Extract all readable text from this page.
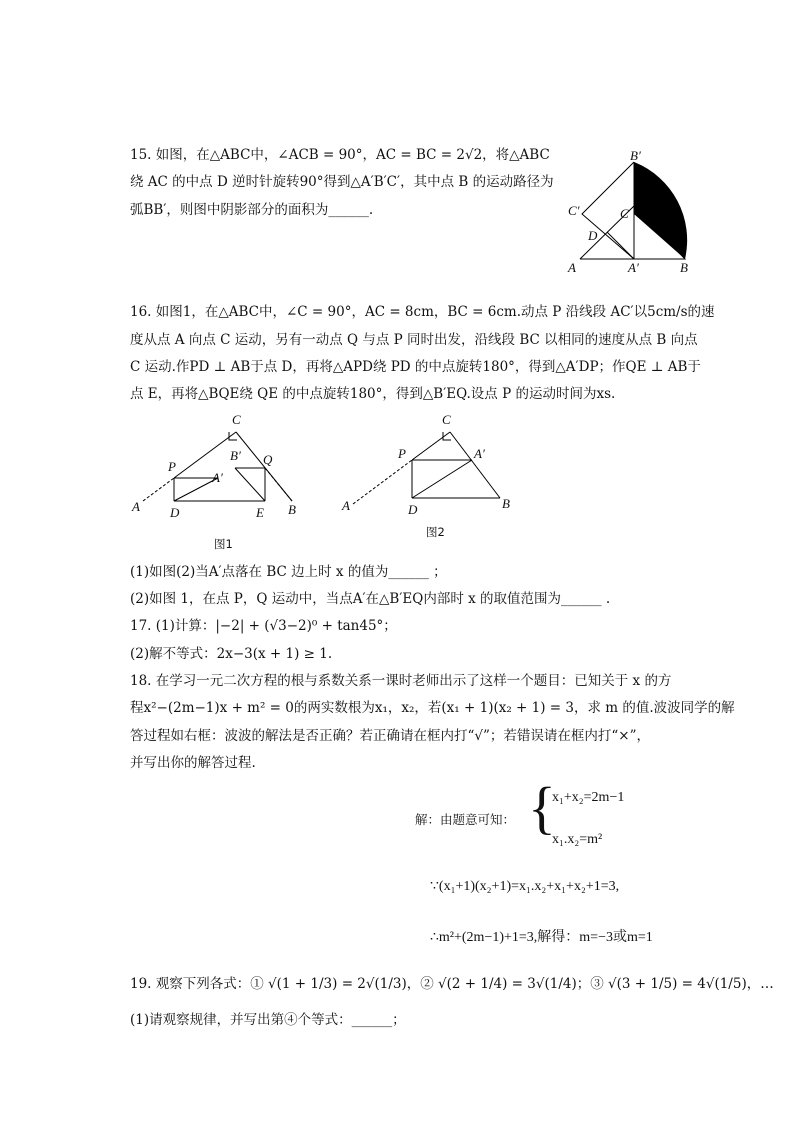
15. 如图，在△ABC中，∠ACB = 90°，AC = BC = 2√2，将△ABC
绕 AC 的中点 D 逆时针旋转90°得到△A′B′C′，其中点 B 的运动路径为
弧BB′，则图中阴影部分的面积为______.
B′
C′	C
D
A	A′	B
16. 如图1，在△ABC中，∠C = 90°，AC = 8cm，BC = 6cm.动点 P 沿线段 AC′以5cm/s的速
度从点 A 向点 C 运动，另有一动点 Q 与点 P 同时出发，沿线段 BC 以相同的速度从点 B 向点
C 运动.作PD ⊥ AB于点 D，再将△APD绕 PD 的中点旋转180°，得到△A′DP；作QE ⊥ AB于
点 E，再将△BQE绕 QE 的中点旋转180°，得到△B′EQ.设点 P 的运动时间为xs.
C
P
B′ Q
A′
A D	E B
图1
C
P	A′
A	D	B
图2
(1)如图(2)当A′点落在 BC 边上时 x 的值为______ ；
(2)如图 1，在点 P，Q 运动中，当点A′在△B′EQ内部时 x 的取值范围为______ .
17. (1)计算：|−2| + (√3−2)⁰ + tan45°；
(2)解不等式：2x−3(x + 1) ≥ 1.
18. 在学习一元二次方程的根与系数关系一课时老师出示了这样一个题目：已知关于 x 的方
程x²−(2m−1)x + m² = 0的两实数根为x₁，x₂，若(x₁ + 1)(x₂ + 1) = 3，求 m 的值.波波同学的解
答过程如右框：波波的解法是否正确？若正确请在框内打“√”；若错误请在框内打“×”，
并写出你的解答过程.
解：由题意可知： {
x₁+x₂=2m−1
x₁.x₂=m²
∵(x₁+1)(x₂+1)=x₁.x₂+x₁+x₂+1=3,
∴m²+(2m−1)+1=3,解得：m=−3或m=1
19. 观察下列各式：① √(1 + 1/3) = 2√(1/3)，② √(2 + 1/4) = 3√(1/4)；③ √(3 + 1/5) = 4√(1/5)，…
(1)请观察规律，并写出第④个等式：______；
